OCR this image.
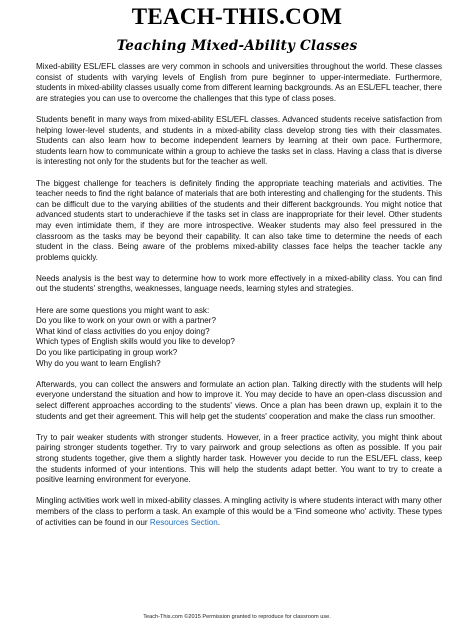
TEACH-THIS.COM
Teaching Mixed-Ability Classes

Mixed-ability ESL/EFL classes are very common in schools and universities throughout the world. These classes consist of students with varying levels of English from pure beginner to upper-intermediate. Furthermore, students in mixed-ability classes usually come from different learning backgrounds. As an ESL/EFL teacher, there are strategies you can use to overcome the challenges that this type of class poses.

Students benefit in many ways from mixed-ability ESL/EFL classes. Advanced students receive satisfaction from helping lower-level students, and students in a mixed-ability class develop strong ties with their classmates. Students can also learn how to become independent learners by learning at their own pace. Furthermore, students learn how to communicate within a group to achieve the tasks set in class. Having a class that is diverse is interesting not only for the students but for the teacher as well.

The biggest challenge for teachers is definitely finding the appropriate teaching materials and activities. The teacher needs to find the right balance of materials that are both interesting and challenging for the students. This can be difficult due to the varying abilities of the students and their different backgrounds. You might notice that advanced students start to underachieve if the tasks set in class are inappropriate for their level. Other students may even intimidate them, if they are more introspective. Weaker students may also feel pressured in the classroom as the tasks may be beyond their capability. It can also take time to determine the needs of each student in the class. Being aware of the problems mixed-ability classes face helps the teacher tackle any problems quickly.

Needs analysis is the best way to determine how to work more effectively in a mixed-ability class. You can find out the students' strengths, weaknesses, language needs, learning styles and strategies.

Here are some questions you might want to ask:
Do you like to work on your own or with a partner?
What kind of class activities do you enjoy doing?
Which types of English skills would you like to develop?
Do you like participating in group work?
Why do you want to learn English?

Afterwards, you can collect the answers and formulate an action plan. Talking directly with the students will help everyone understand the situation and how to improve it. You may decide to have an open-class discussion and select different approaches according to the students' views. Once a plan has been drawn up, explain it to the students and get their agreement. This will help get the students' cooperation and make the class run smoother.

Try to pair weaker students with stronger students. However, in a freer practice activity, you might think about pairing stronger students together. Try to vary pairwork and group selections as often as possible. If you pair strong students together, give them a slightly harder task. However you decide to run the ESL/EFL class, keep the students informed of your intentions. This will help the students adapt better. You want to try to create a positive learning environment for everyone.

Mingling activities work well in mixed-ability classes. A mingling activity is where students interact with many other members of the class to perform a task. An example of this would be a 'Find someone who' activity. These types of activities can be found in our Resources Section.

Teach-This.com ©2015 Permission granted to reproduce for classroom use.
